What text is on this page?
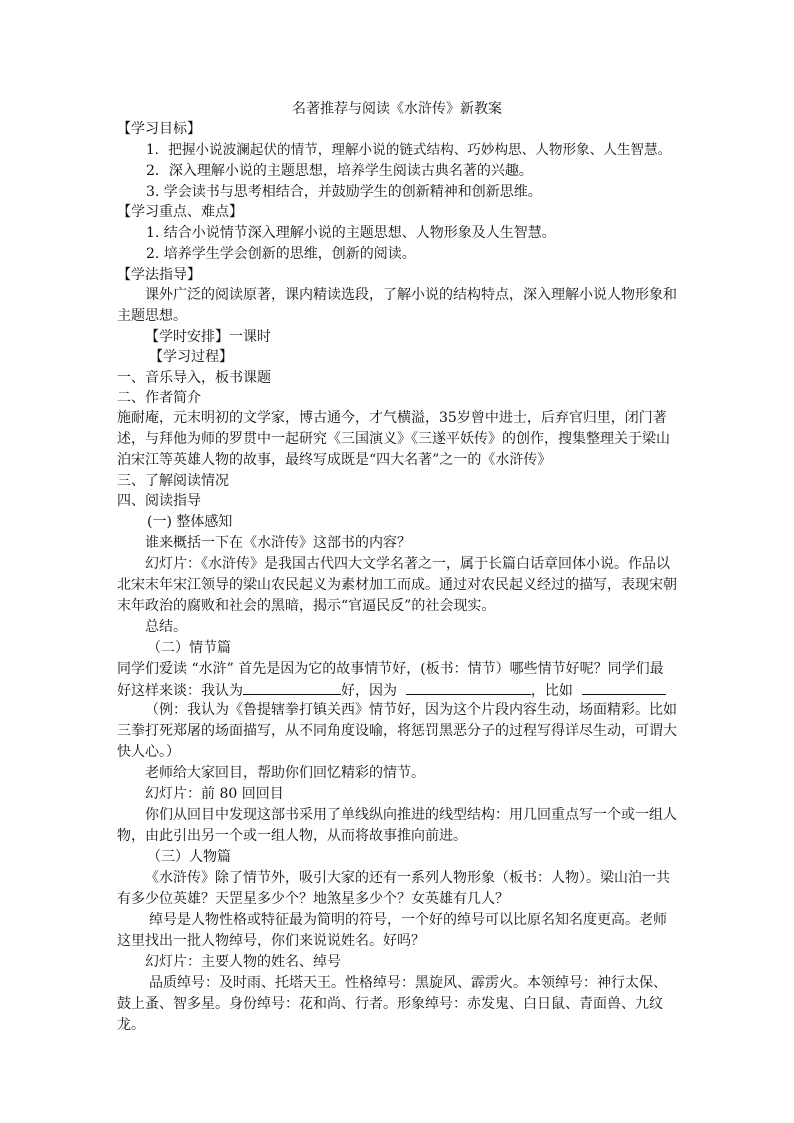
名著推荐与阅读《水浒传》新教案
【学习目标】
1．把握小说波澜起伏的情节，理解小说的链式结构、巧妙构思、人物形象、人生智慧。
2．深入理解小说的主题思想，培养学生阅读古典名著的兴趣。
3. 学会读书与思考相结合，并鼓励学生的创新精神和创新思维。
【学习重点、难点】
1. 结合小说情节深入理解小说的主题思想、人物形象及人生智慧。
2. 培养学生学会创新的思维，创新的阅读。
【学法指导】
课外广泛的阅读原著，课内精读选段，了解小说的结构特点，深入理解小说人物形象和主题思想。
【学时安排】一课时
【学习过程】
一、音乐导入，板书课题
二、作者简介
施耐庵，元末明初的文学家，博古通今，才气横溢，35岁曾中进士，后弃官归里，闭门著述，与拜他为师的罗贯中一起研究《三国演义》《三遂平妖传》的创作，搜集整理关于梁山泊宋江等英雄人物的故事，最终写成既是“四大名著”之一的《水浒传》
三、了解阅读情况
四、阅读指导
(一) 整体感知
谁来概括一下在《水浒传》这部书的内容？
幻灯片：《水浒传》是我国古代四大文学名著之一，属于长篇白话章回体小说。作品以北宋末年宋江领导的梁山农民起义为素材加工而成。通过对农民起义经过的描写，表现宋朝末年政治的腐败和社会的黑暗，揭示“官逼民反”的社会现实。
总结。
（二）情节篇
同学们爱读 “水浒” 首先是因为它的故事情节好，(板书：情节）哪些情节好呢？同学们最
好这样来谈：我认为	好，因为	，比如
（例：我认为《鲁提辖拳打镇关西》情节好，因为这个片段内容生动，场面精彩。比如三拳打死郑屠的场面描写，从不同角度设喻，将惩罚黑恶分子的过程写得详尽生动，可谓大快人心。）
老师给大家回目，帮助你们回忆精彩的情节。
幻灯片：前 80 回回目
你们从回目中发现这部书采用了单线纵向推进的线型结构：用几回重点写一个或一组人物，由此引出另一个或一组人物，从而将故事推向前进。
（三）人物篇
《水浒传》除了情节外，吸引大家的还有一系列人物形象（板书：人物）。梁山泊一共有多少位英雄？天罡星多少个？地煞星多少个？女英雄有几人？
绰号是人物性格或特征最为简明的符号，一个好的绰号可以比原名知名度更高。老师这里找出一批人物绰号，你们来说说姓名。好吗？
幻灯片：主要人物的姓名、绰号
品质绰号：及时雨、托塔天王。性格绰号：黑旋风、霹雳火。本领绰号：神行太保、鼓上蚤、智多星。身份绰号：花和尚、行者。形象绰号：赤发鬼、白日鼠、青面兽、九纹龙。
